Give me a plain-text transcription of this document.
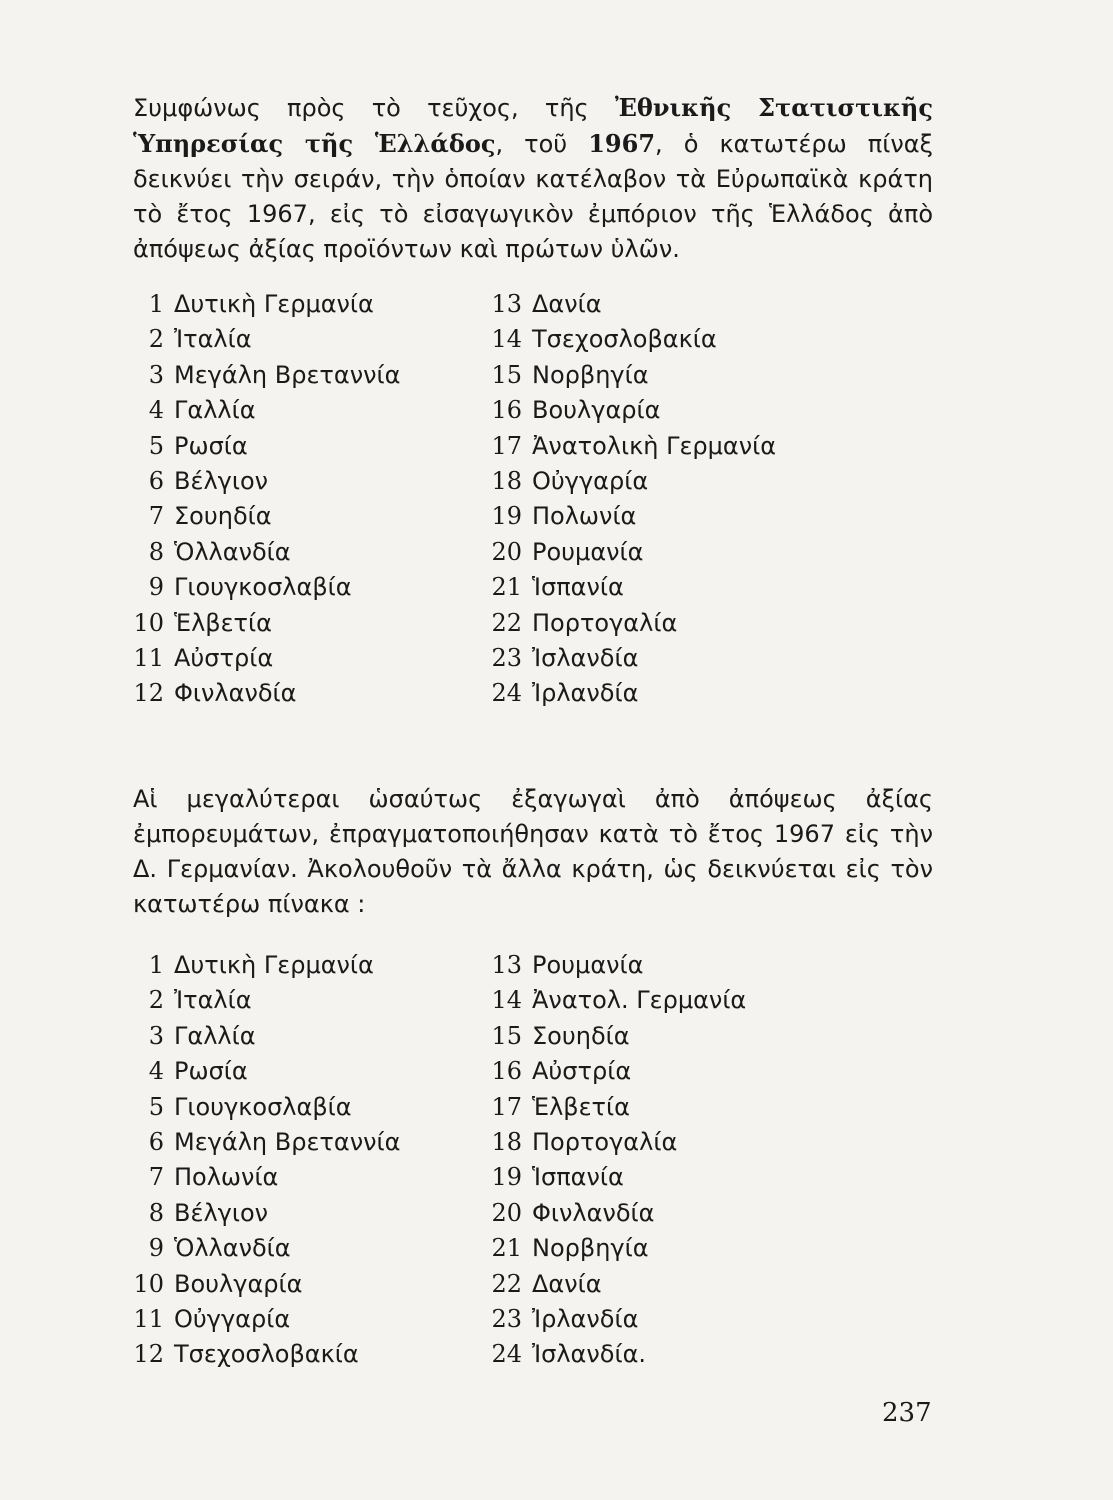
Συμφώνως πρὸς τὸ τεῦχος, τῆς Ἐθνικῆς Στατιστικῆς Ὑπηρεσίας τῆς Ἑλλάδος, τοῦ 1967, ὁ κατωτέρω πίναξ δεικνύει τὴν σειράν, τὴν ὁποίαν κατέλαβον τὰ Εὐρωπαϊκὰ κράτη τὸ ἔτος 1967, εἰς τὸ εἰσαγωγικὸν ἐμπόριον τῆς Ἑλλάδος ἀπὸ ἀπόψεως ἀξίας προϊόντων καὶ πρώτων ὑλῶν.

1 Δυτικὴ Γερμανία
2 Ἰταλία
3 Μεγάλη Βρεταννία
4 Γαλλία
5 Ρωσία
6 Βέλγιον
7 Σουηδία
8 Ὁλλανδία
9 Γιουγκοσλαβία
10 Ἑλβετία
11 Αὐστρία
12 Φινλανδία
13 Δανία
14 Τσεχοσλοβακία
15 Νορβηγία
16 Βουλγαρία
17 Ἀνατολικὴ Γερμανία
18 Οὐγγαρία
19 Πολωνία
20 Ρουμανία
21 Ἱσπανία
22 Πορτογαλία
23 Ἰσλανδία
24 Ἰρλανδία

Αἱ μεγαλύτεραι ὡσαύτως ἐξαγωγαὶ ἀπὸ ἀπόψεως ἀξίας ἐμπορευμάτων, ἐπραγματοποιήθησαν κατὰ τὸ ἔτος 1967 εἰς τὴν Δ. Γερμανίαν. Ἀκολουθοῦν τὰ ἄλλα κράτη, ὡς δεικνύεται εἰς τὸν κατωτέρω πίνακα :

1 Δυτικὴ Γερμανία
2 Ἰταλία
3 Γαλλία
4 Ρωσία
5 Γιουγκοσλαβία
6 Μεγάλη Βρεταννία
7 Πολωνία
8 Βέλγιον
9 Ὁλλανδία
10 Βουλγαρία
11 Οὐγγαρία
12 Τσεχοσλοβακία
13 Ρουμανία
14 Ἀνατολ. Γερμανία
15 Σουηδία
16 Αὐστρία
17 Ἑλβετία
18 Πορτογαλία
19 Ἱσπανία
20 Φινλανδία
21 Νορβηγία
22 Δανία
23 Ἰρλανδία
24 Ἰσλανδία.
237
